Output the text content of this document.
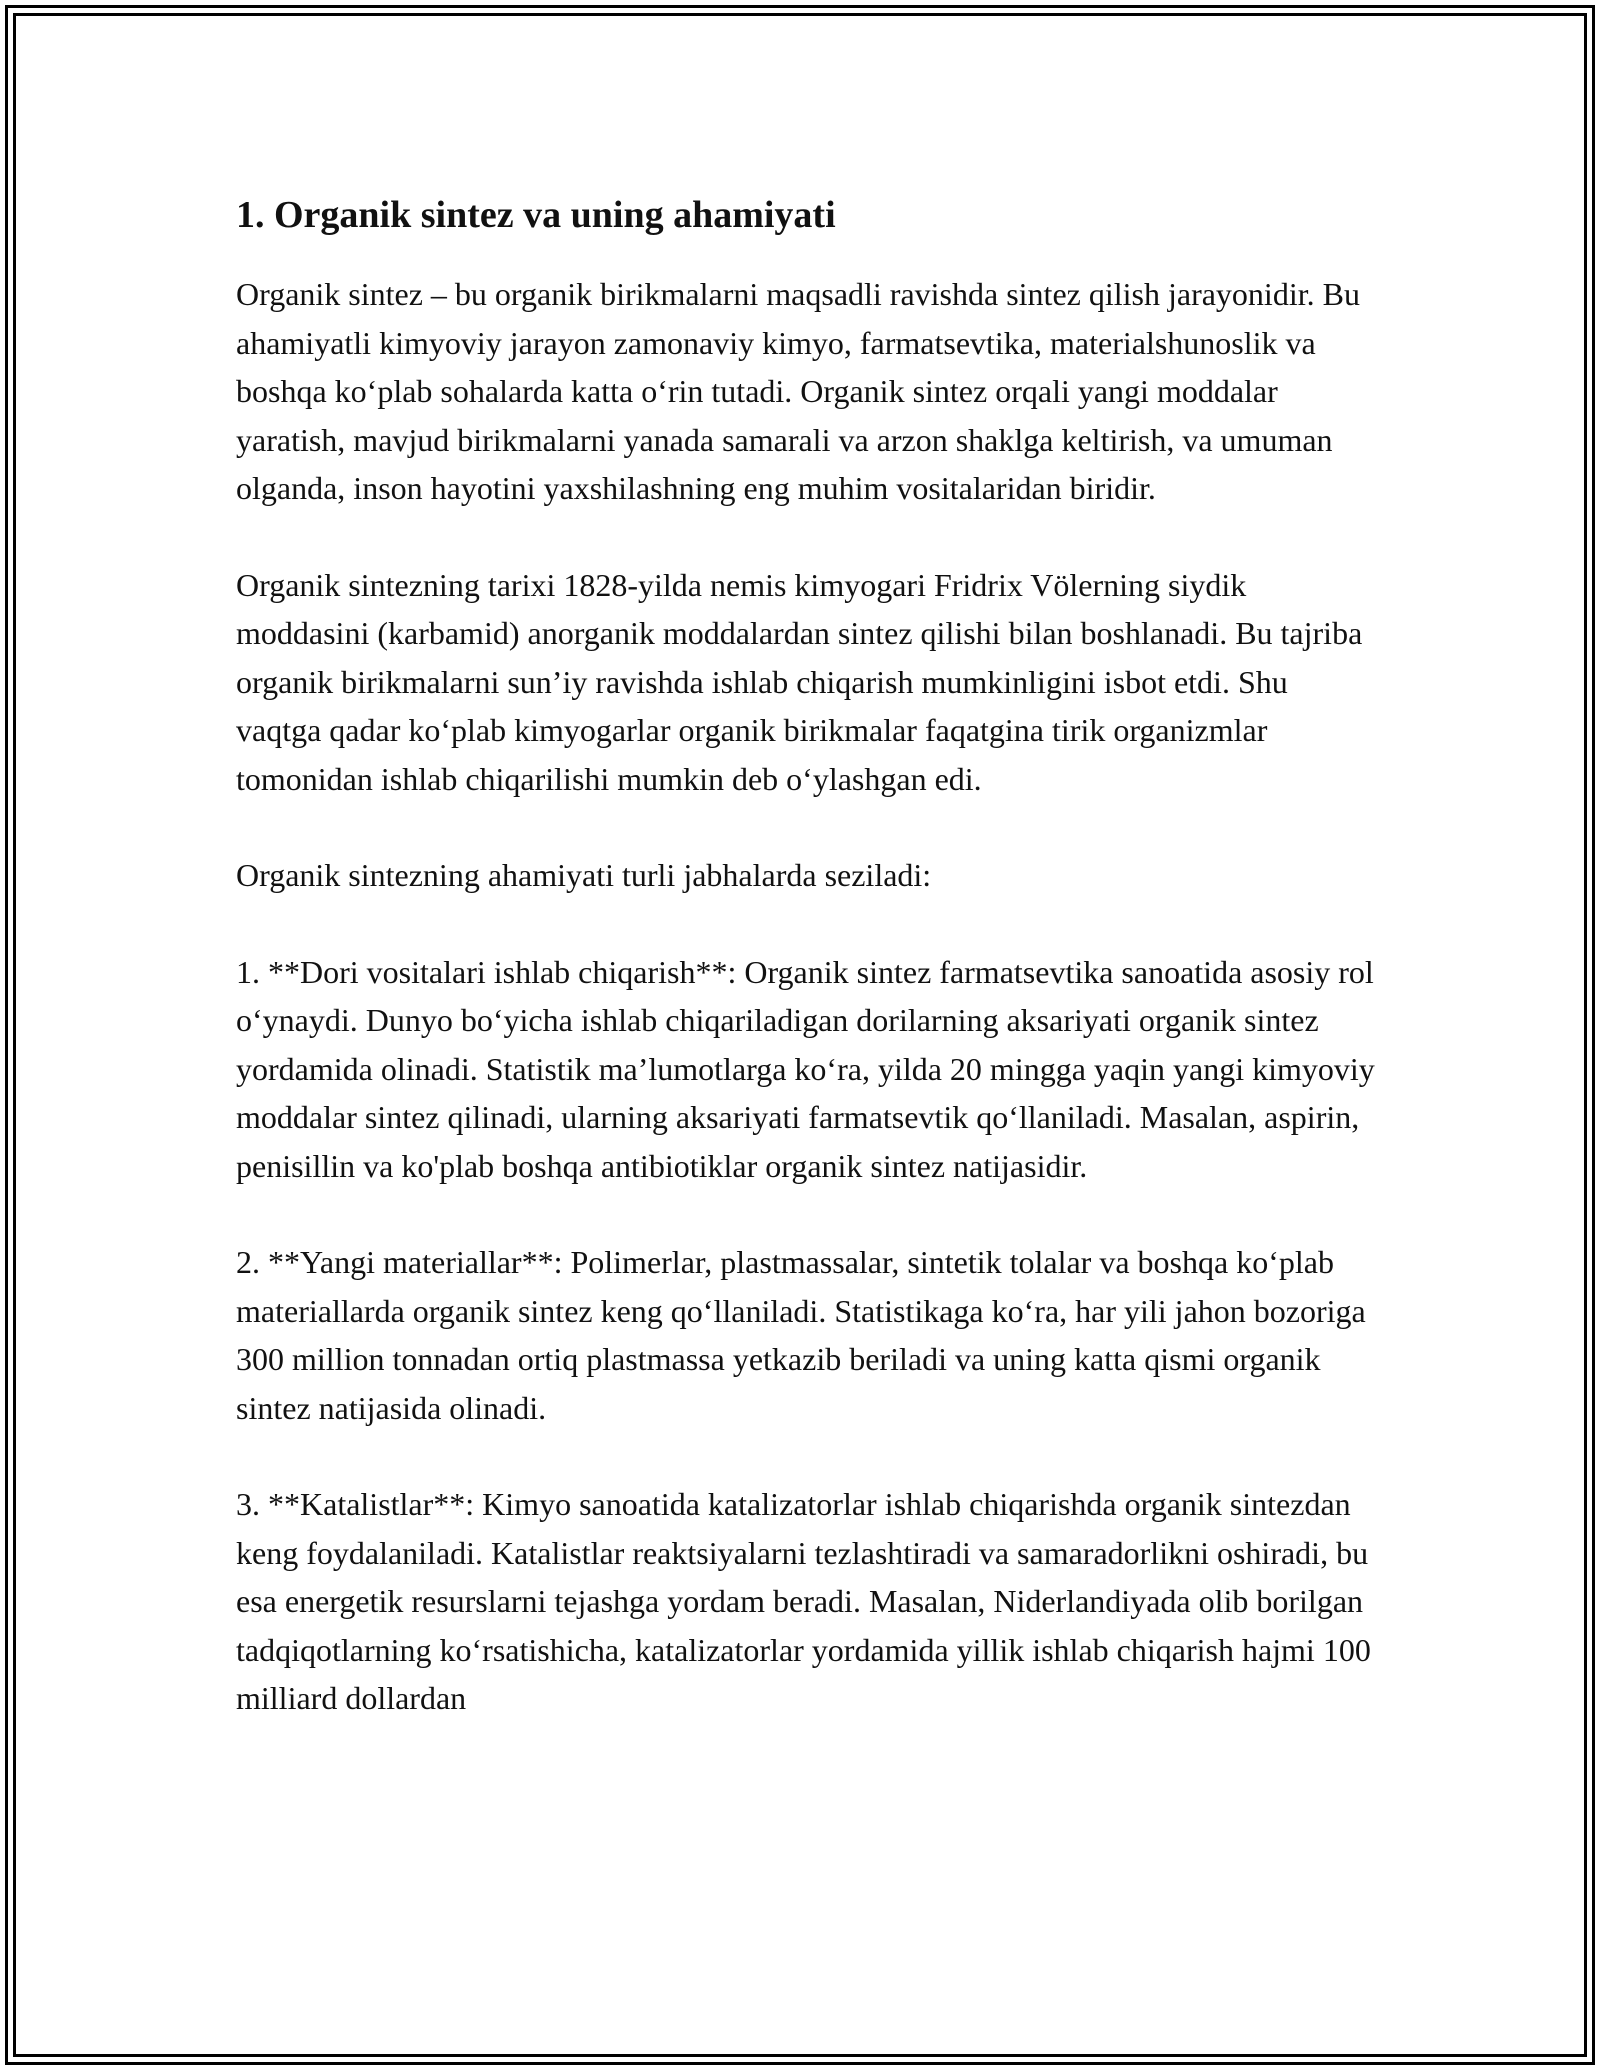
1. Organik sintez va uning ahamiyati

Organik sintez – bu organik birikmalarni maqsadli ravishda sintez qilish jarayonidir. Bu ahamiyatli kimyoviy jarayon zamonaviy kimyo, farmatsevtika, materialshunoslik va boshqa koʻplab sohalarda katta oʻrin tutadi. Organik sintez orqali yangi moddalar yaratish, mavjud birikmalarni yanada samarali va arzon shaklga keltirish, va umuman olganda, inson hayotini yaxshilashning eng muhim vositalaridan biridir.

Organik sintezning tarixi 1828-yilda nemis kimyogari Fridrix Völerning siydik moddasini (karbamid) anorganik moddalardan sintez qilishi bilan boshlanadi. Bu tajriba organik birikmalarni sun’iy ravishda ishlab chiqarish mumkinligini isbot etdi. Shu vaqtga qadar koʻplab kimyogarlar organik birikmalar faqatgina tirik organizmlar tomonidan ishlab chiqarilishi mumkin deb oʻylashgan edi.

Organik sintezning ahamiyati turli jabhalarda seziladi:

1. **Dori vositalari ishlab chiqarish**: Organik sintez farmatsevtika sanoatida asosiy rol oʻynaydi. Dunyo boʻyicha ishlab chiqariladigan dorilarning aksariyati organik sintez yordamida olinadi. Statistik ma’lumotlarga koʻra, yilda 20 mingga yaqin yangi kimyoviy moddalar sintez qilinadi, ularning aksariyati farmatsevtik qoʻllaniladi. Masalan, aspirin, penisillin va ko'plab boshqa antibiotiklar organik sintez natijasidir.

2. **Yangi materiallar**: Polimerlar, plastmassalar, sintetik tolalar va boshqa koʻplab materiallarda organik sintez keng qoʻllaniladi. Statistikaga koʻra, har yili jahon bozoriga 300 million tonnadan ortiq plastmassa yetkazib beriladi va uning katta qismi organik sintez natijasida olinadi.

3. **Katalistlar**: Kimyo sanoatida katalizatorlar ishlab chiqarishda organik sintezdan keng foydalaniladi. Katalistlar reaktsiyalarni tezlashtiradi va samaradorlikni oshiradi, bu esa energetik resurslarni tejashga yordam beradi. Masalan, Niderlandiyada olib borilgan tadqiqotlarning koʻrsatishicha, katalizatorlar yordamida yillik ishlab chiqarish hajmi 100 milliard dollardan
